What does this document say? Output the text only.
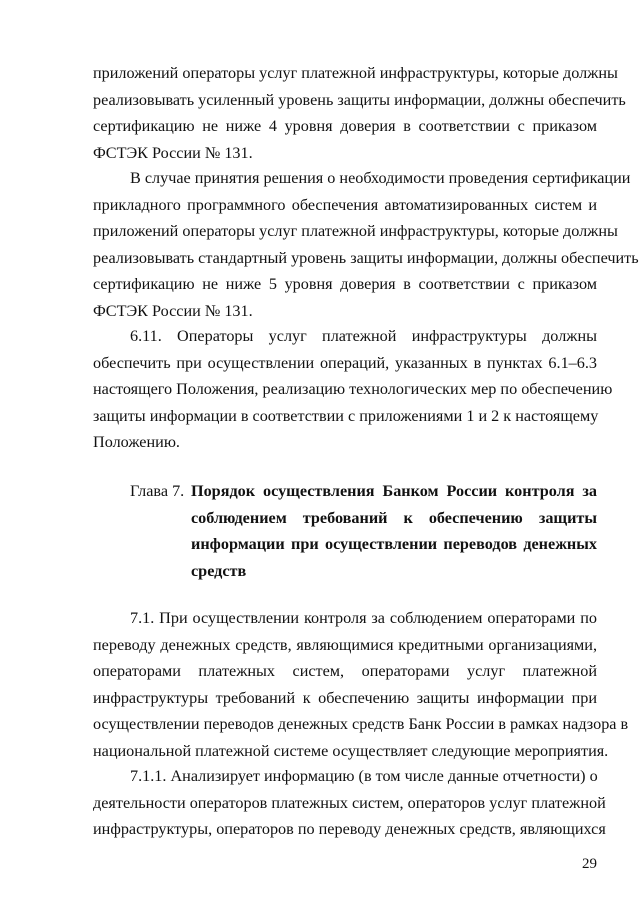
приложений операторы услуг платежной инфраструктуры, которые должны
реализовывать усиленный уровень защиты информации, должны обеспечить
сертификацию не ниже 4 уровня доверия в соответствии с приказом
ФСТЭК России № 131.
В случае принятия решения о необходимости проведения сертификации
прикладного программного обеспечения автоматизированных систем и
приложений операторы услуг платежной инфраструктуры, которые должны
реализовывать стандартный уровень защиты информации, должны обеспечить
сертификацию не ниже 5 уровня доверия в соответствии с приказом
ФСТЭК России № 131.
6.11. Операторы услуг платежной инфраструктуры должны
обеспечить при осуществлении операций, указанных в пунктах 6.1–6.3
настоящего Положения, реализацию технологических мер по обеспечению
защиты информации в соответствии с приложениями 1 и 2 к настоящему
Положению.
Глава 7. Порядок осуществления Банком России контроля за
соблюдением требований к обеспечению защиты
информации при осуществлении переводов денежных
средств
7.1. При осуществлении контроля за соблюдением операторами по
переводу денежных средств, являющимися кредитными организациями,
операторами платежных систем, операторами услуг платежной
инфраструктуры требований к обеспечению защиты информации при
осуществлении переводов денежных средств Банк России в рамках надзора в
национальной платежной системе осуществляет следующие мероприятия.
7.1.1. Анализирует информацию (в том числе данные отчетности) о
деятельности операторов платежных систем, операторов услуг платежной
инфраструктуры, операторов по переводу денежных средств, являющихся
29
